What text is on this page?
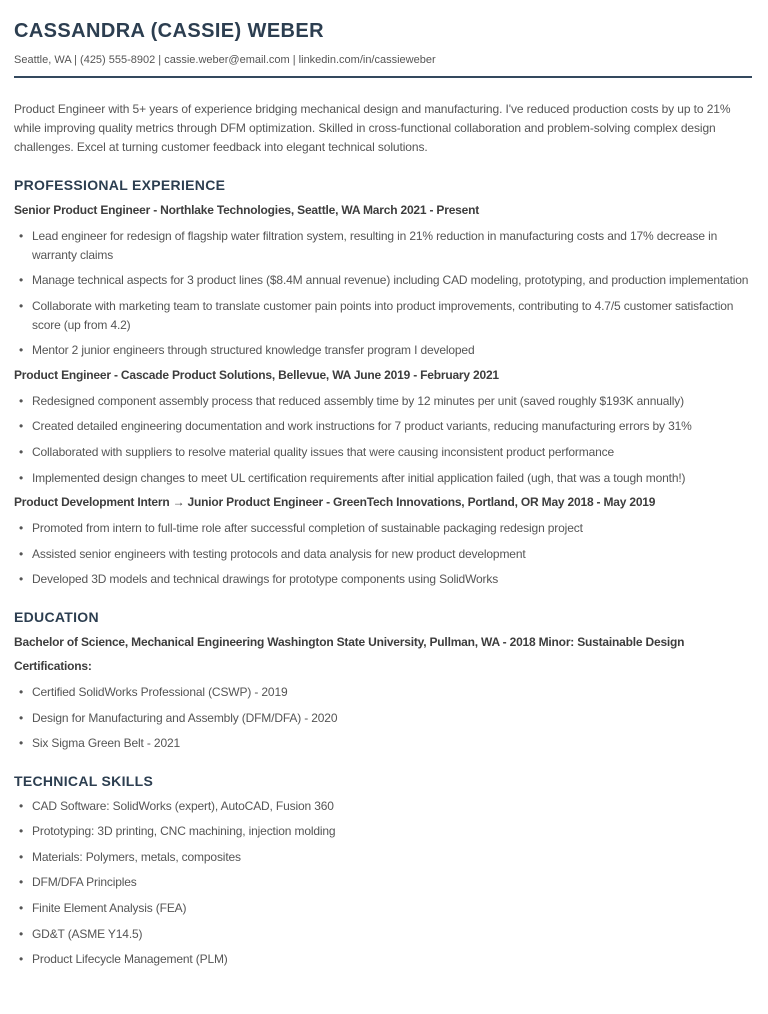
CASSANDRA (CASSIE) WEBER

Seattle, WA | (425) 555-8902 | cassie.weber@email.com | linkedin.com/in/cassieweber

Product Engineer with 5+ years of experience bridging mechanical design and manufacturing. I've reduced production costs by up to 21% while improving quality metrics through DFM optimization. Skilled in cross-functional collaboration and problem-solving complex design challenges. Excel at turning customer feedback into elegant technical solutions.

PROFESSIONAL EXPERIENCE
Senior Product Engineer - Northlake Technologies, Seattle, WA March 2021 - Present
• Lead engineer for redesign of flagship water filtration system, resulting in 21% reduction in manufacturing costs and 17% decrease in warranty claims
• Manage technical aspects for 3 product lines ($8.4M annual revenue) including CAD modeling, prototyping, and production implementation
• Collaborate with marketing team to translate customer pain points into product improvements, contributing to 4.7/5 customer satisfaction score (up from 4.2)
• Mentor 2 junior engineers through structured knowledge transfer program I developed
Product Engineer - Cascade Product Solutions, Bellevue, WA June 2019 - February 2021
• Redesigned component assembly process that reduced assembly time by 12 minutes per unit (saved roughly $193K annually)
• Created detailed engineering documentation and work instructions for 7 product variants, reducing manufacturing errors by 31%
• Collaborated with suppliers to resolve material quality issues that were causing inconsistent product performance
• Implemented design changes to meet UL certification requirements after initial application failed (ugh, that was a tough month!)
Product Development Intern → Junior Product Engineer - GreenTech Innovations, Portland, OR May 2018 - May 2019
• Promoted from intern to full-time role after successful completion of sustainable packaging redesign project
• Assisted senior engineers with testing protocols and data analysis for new product development
• Developed 3D models and technical drawings for prototype components using SolidWorks
EDUCATION

Bachelor of Science, Mechanical Engineering Washington State University, Pullman, WA - 2018 Minor: Sustainable Design

Certifications:

• Certified SolidWorks Professional (CSWP) - 2019
• Design for Manufacturing and Assembly (DFM/DFA) - 2020
• Six Sigma Green Belt - 2021
TECHNICAL SKILLS
• CAD Software: SolidWorks (expert), AutoCAD, Fusion 360
• Prototyping: 3D printing, CNC machining, injection molding
• Materials: Polymers, metals, composites
• DFM/DFA Principles
• Finite Element Analysis (FEA)
• GD&T (ASME Y14.5)
• Product Lifecycle Management (PLM)
